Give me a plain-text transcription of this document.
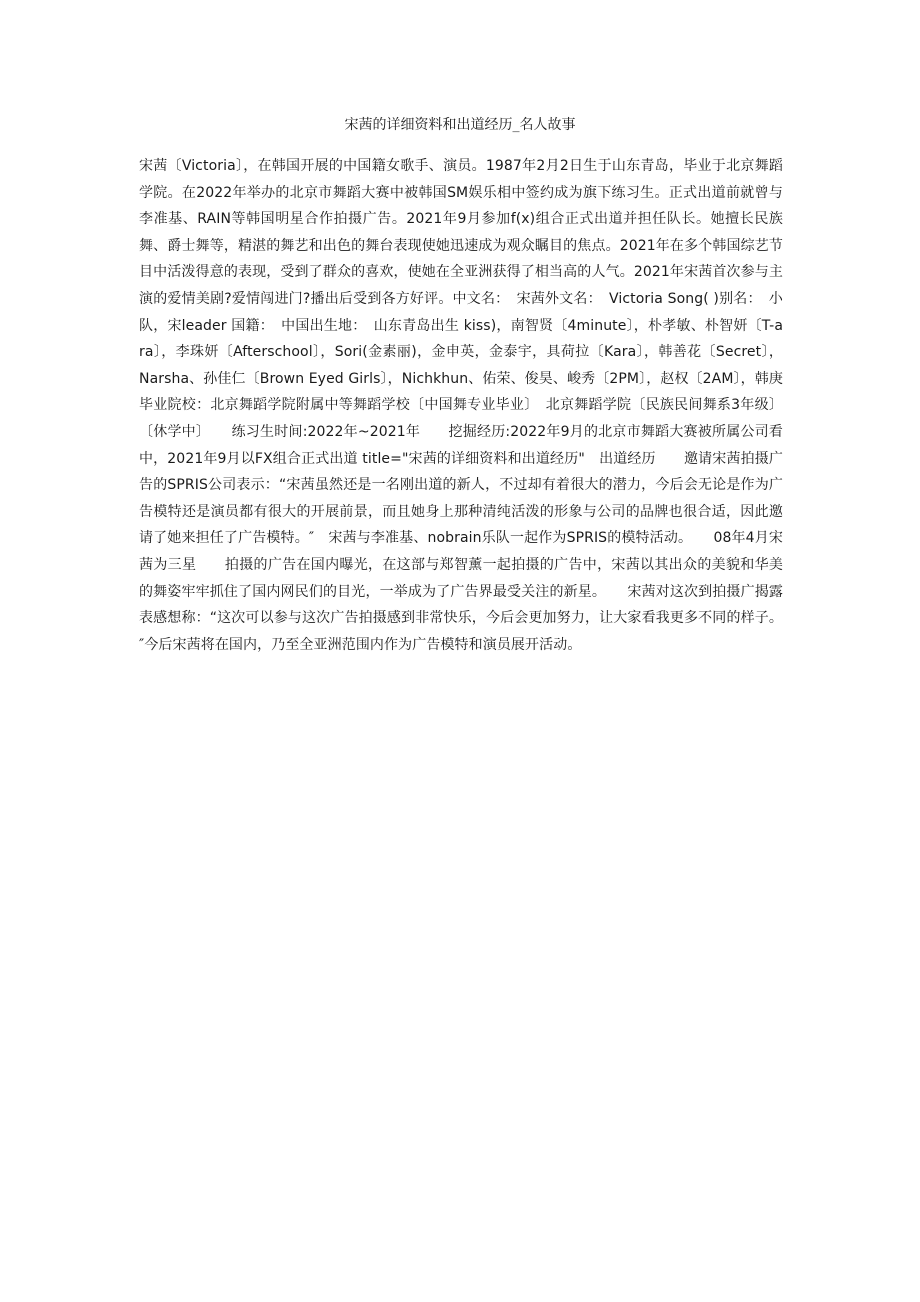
宋茜的详细资料和出道经历_名人故事

宋茜〔Victoria〕，在韩国开展的中国籍女歌手、演员。1987年2月2日生于山东青岛，毕业于北京舞蹈学院。在2022年举办的北京市舞蹈大赛中被韩国SM娱乐相中签约成为旗下练习生。正式出道前就曾与李准基、RAIN等韩国明星合作拍摄广告。2021年9月参加f(x)组合正式出道并担任队长。她擅长民族舞、爵士舞等，精湛的舞艺和出色的舞台表现使她迅速成为观众瞩目的焦点。2021年在多个韩国综艺节目中活泼得意的表现，受到了群众的喜欢，使她在全亚洲获得了相当高的人气。2021年宋茜首次参与主演的爱情美剧?爱情闯进门?播出后受到各方好评。中文名：　宋茜外文名：　Victoria Song( )别名：　小队，宋leader 国籍：　中国出生地：　山东青岛出生 kiss)，南智贤〔4minute〕，朴孝敏、朴智妍〔T-ara〕，李珠妍〔Afterschool〕，Sori(金素丽)，金申英，金泰宇，具荷拉〔Kara〕，韩善花〔Secret〕，Narsha、孙佳仁〔Brown Eyed Girls〕，Nichkhun、佑荣、俊昊、峻秀〔2PM〕，赵权〔2AM〕，韩庚　　毕业院校：北京舞蹈学院附属中等舞蹈学校〔中国舞专业毕业〕　北京舞蹈学院〔民族民间舞系3年级〕〔休学中〕　　练习生时间:2022年~2021年　　挖掘经历:2022年9月的北京市舞蹈大赛被所属公司看中，2021年9月以FX组合正式出道 title="宋茜的详细资料和出道经历"　出道经历　　邀请宋茜拍摄广告的SPRIS公司表示：“宋茜虽然还是一名刚出道的新人，不过却有着很大的潜力，今后会无论是作为广告模特还是演员都有很大的开展前景，而且她身上那种清纯活泼的形象与公司的品牌也很合适，因此邀请了她来担任了广告模特。″　宋茜与李准基、nobrain乐队一起作为SPRIS的模特活动。　　08年4月宋茜为三星　　拍摄的广告在国内曝光，在这部与郑智薰一起拍摄的广告中，宋茜以其出众的美貌和华美的舞姿牢牢抓住了国内网民们的目光，一举成为了广告界最受关注的新星。　　宋茜对这次到拍摄广揭露表感想称：“这次可以参与这次广告拍摄感到非常快乐，今后会更加努力，让大家看我更多不同的样子。″今后宋茜将在国内，乃至全亚洲范围内作为广告模特和演员展开活动。
